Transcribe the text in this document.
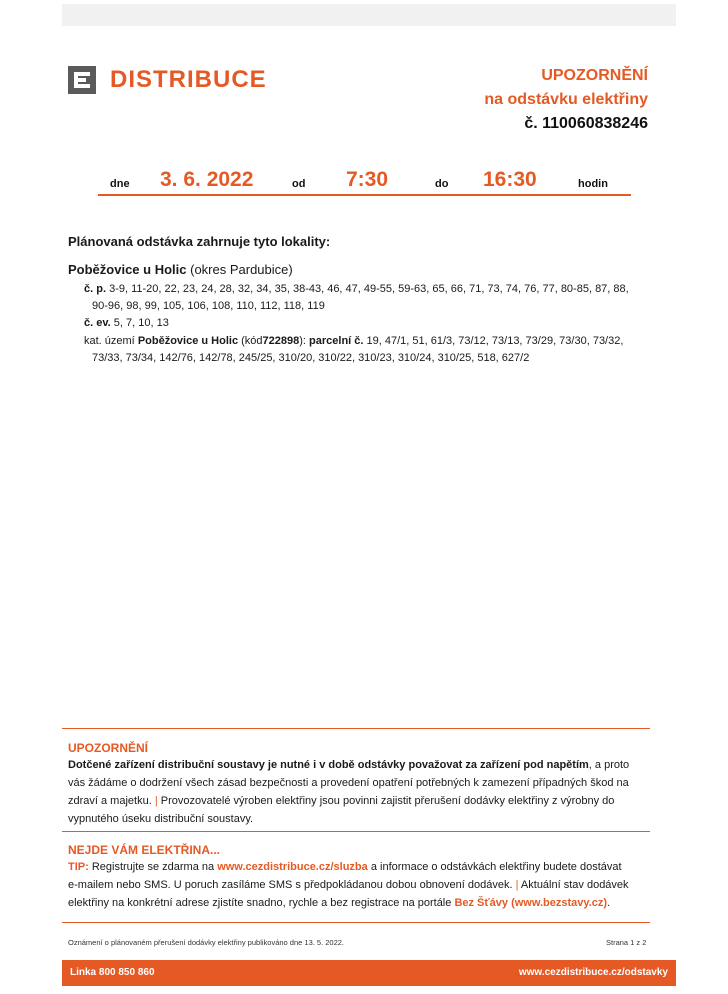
DISTRIBUCE	UPOZORNĚNÍ
na odstávku elektřiny
č. 110060838246
dne 3. 6. 2022	od 7:30	do 16:30	hodin
Plánovaná odstávka zahrnuje tyto lokality:
Poběžovice u Holic (okres Pardubice)
č. p. 3-9, 11-20, 22, 23, 24, 28, 32, 34, 35, 38-43, 46, 47, 49-55, 59-63, 65, 66, 71, 73, 74, 76, 77, 80-85, 87, 88,
90-96, 98, 99, 105, 106, 108, 110, 112, 118, 119
č. ev. 5, 7, 10, 13
kat. území Poběžovice u Holic (kód722898): parcelní č. 19, 47/1, 51, 61/3, 73/12, 73/13, 73/29, 73/30, 73/32,
73/33, 73/34, 142/76, 142/78, 245/25, 310/20, 310/22, 310/23, 310/24, 310/25, 518, 627/2
UPOZORNĚNÍ
Dotčené zařízení distribuční soustavy je nutné i v době odstávky považovat za zařízení pod napětím, a proto
vás žádáme o dodržení všech zásad bezpečnosti a provedení opatření potřebných k zamezení případných škod na
zdraví a majetku. | Provozovatelé výroben elektřiny jsou povinni zajistit přerušení dodávky elektřiny z výrobny do
vypnutého úseku distribuční soustavy.
NEJDE VÁM ELEKTŘINA...
TIP: Registrujte se zdarma na www.cezdistribuce.cz/sluzba a informace o odstávkách elektřiny budete dostávat
e-mailem nebo SMS. U poruch zasíláme SMS s předpokládanou dobou obnovení dodávek. | Aktuální stav dodávek
elektřiny na konkrétní adrese zjistíte snadno, rychle a bez registrace na portále Bez Šťávy (www.bezstavy.cz).
Oznámení o plánovaném přerušení dodávky elektřiny publikováno dne 13. 5. 2022.	Strana 1 z 2
Linka 800 850 860	www.cezdistribuce.cz/odstavky
